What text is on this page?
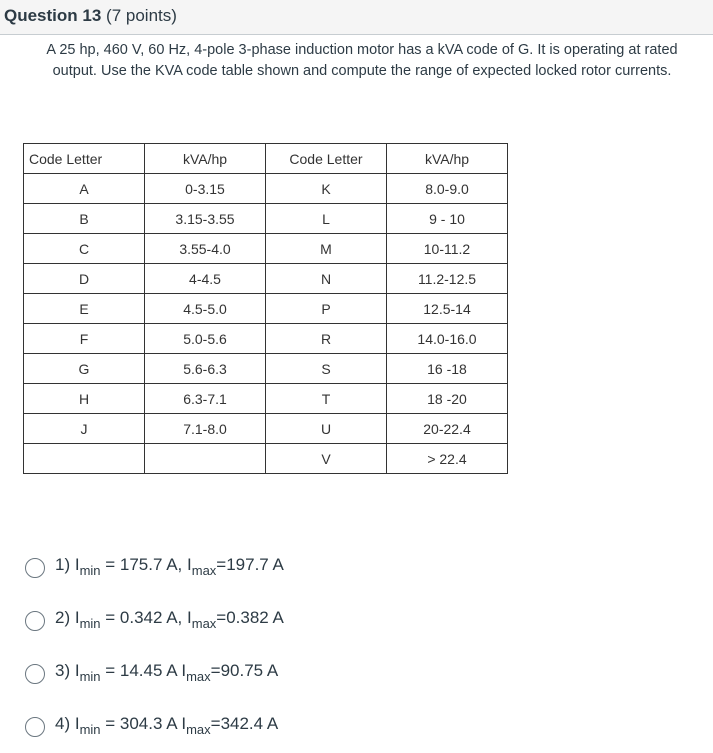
Question 13 (7 points)
A 25 hp, 460 V, 60 Hz, 4-pole 3-phase induction motor has a kVA code of G. It is operating at rated
output. Use the KVA code table shown and compute the range of expected locked rotor currents.
Code Letter	kVA/hp	Code Letter	kVA/hp
A	0-3.15	K	8.0-9.0
B	3.15-3.55	L	9 - 10
C	3.55-4.0	M	10-11.2
D	4-4.5	N	11.2-12.5
E	4.5-5.0	P	12.5-14
F	5.0-5.6	R	14.0-16.0
G	5.6-6.3	S	16 -18
H	6.3-7.1	T	18 -20
J	7.1-8.0	U	20-22.4
		V	> 22.4
1) $I_{min} = 175.7$ A, $I_{max}=197.7$ A
2) $I_{min} = 0.342$ A, $I_{max}=0.382$ A
3) $I_{min} = 14.45$ A $I_{max}=90.75$ A
4) $I_{min} = 304.3$ A $I_{max}=342.4$ A
